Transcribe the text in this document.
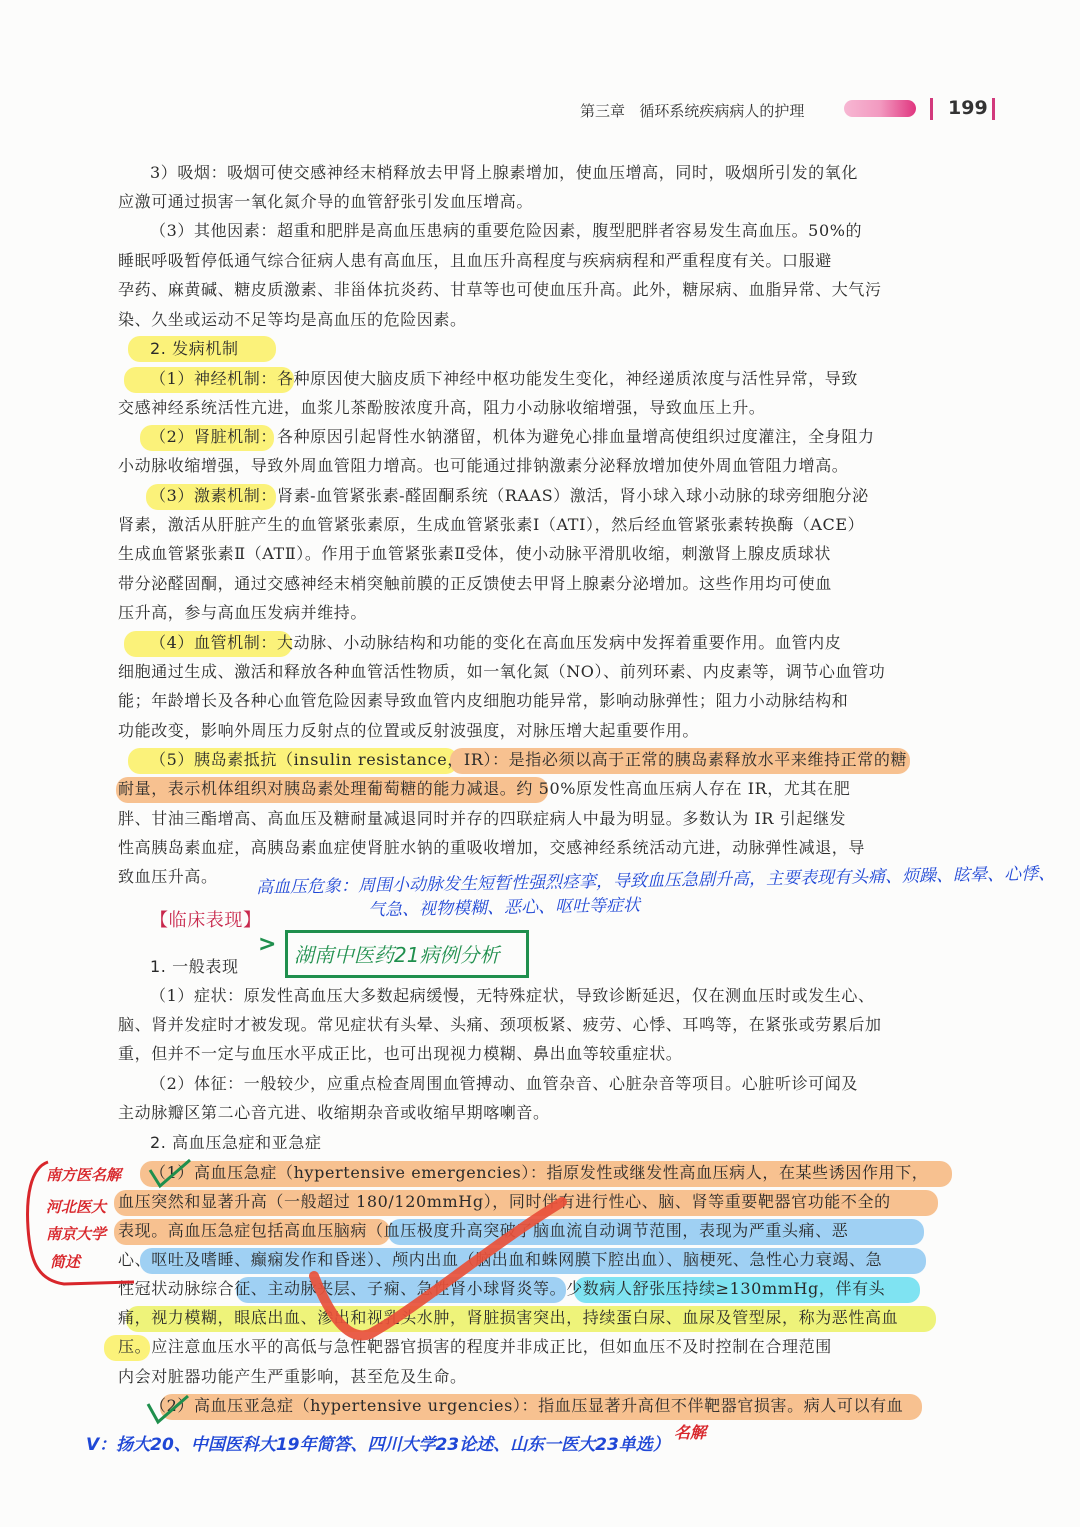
第三章 循环系统疾病病人的护理	199
3）吸烟：吸烟可使交感神经末梢释放去甲肾上腺素增加，使血压增高，同时，吸烟所引发的氧化
应激可通过损害一氧化氮介导的血管舒张引发血压增高。
（3）其他因素：超重和肥胖是高血压患病的重要危险因素，腹型肥胖者容易发生高血压。50%的
睡眠呼吸暂停低通气综合征病人患有高血压，且血压升高程度与疾病病程和严重程度有关。口服避
孕药、麻黄碱、糖皮质激素、非甾体抗炎药、甘草等也可使血压升高。此外，糖尿病、血脂异常、大气污
染、久坐或运动不足等均是高血压的危险因素。
2. 发病机制
（1）神经机制：各种原因使大脑皮质下神经中枢功能发生变化，神经递质浓度与活性异常，导致
交感神经系统活性亢进，血浆儿茶酚胺浓度升高，阻力小动脉收缩增强，导致血压上升。
（2）肾脏机制：各种原因引起肾性水钠潴留，机体为避免心排血量增高使组织过度灌注，全身阻力
小动脉收缩增强，导致外周血管阻力增高。也可能通过排钠激素分泌释放增加使外周血管阻力增高。
（3）激素机制：肾素-血管紧张素-醛固酮系统（RAAS）激活，肾小球入球小动脉的球旁细胞分泌
肾素，激活从肝脏产生的血管紧张素原，生成血管紧张素Ⅰ（ATⅠ），然后经血管紧张素转换酶（ACE）
生成血管紧张素Ⅱ（ATⅡ）。作用于血管紧张素Ⅱ受体，使小动脉平滑肌收缩，刺激肾上腺皮质球状
带分泌醛固酮，通过交感神经末梢突触前膜的正反馈使去甲肾上腺素分泌增加。这些作用均可使血
压升高，参与高血压发病并维持。
（4）血管机制：大动脉、小动脉结构和功能的变化在高血压发病中发挥着重要作用。血管内皮
细胞通过生成、激活和释放各种血管活性物质，如一氧化氮（NO）、前列环素、内皮素等，调节心血管功
能；年龄增长及各种心血管危险因素导致血管内皮细胞功能异常，影响动脉弹性；阻力小动脉结构和
功能改变，影响外周压力反射点的位置或反射波强度，对脉压增大起重要作用。
（5）胰岛素抵抗（insulin resistance，IR）：是指必须以高于正常的胰岛素释放水平来维持正常的糖
耐量，表示机体组织对胰岛素处理葡萄糖的能力减退。约 50%原发性高血压病人存在 IR，尤其在肥
胖、甘油三酯增高、高血压及糖耐量减退同时并存的四联症病人中最为明显。多数认为 IR 引起继发
性高胰岛素血症，高胰岛素血症使肾脏水钠的重吸收增加，交感神经系统活动亢进，动脉弹性减退，导
致血压升高。
【临床表现】
1. 一般表现
（1）症状：原发性高血压大多数起病缓慢，无特殊症状，导致诊断延迟，仅在测血压时或发生心、
脑、肾并发症时才被发现。常见症状有头晕、头痛、颈项板紧、疲劳、心悸、耳鸣等，在紧张或劳累后加
重，但并不一定与血压水平成正比，也可出现视力模糊、鼻出血等较重症状。
（2）体征：一般较少，应重点检查周围血管搏动、血管杂音、心脏杂音等项目。心脏听诊可闻及
主动脉瓣区第二心音亢进、收缩期杂音或收缩早期喀喇音。
2. 高血压急症和亚急症
（1）高血压急症（hypertensive emergencies）：指原发性或继发性高血压病人，在某些诱因作用下，
血压突然和显著升高（一般超过 180/120mmHg），同时伴有进行性心、脑、肾等重要靶器官功能不全的
表现。高血压急症包括高血压脑病（血压极度升高突破了脑血流自动调节范围，表现为严重头痛、恶
心、呕吐及嗜睡、癫痫发作和昏迷）、颅内出血（脑出血和蛛网膜下腔出血）、脑梗死、急性心力衰竭、急
性冠状动脉综合征、主动脉夹层、子痫、急性肾小球肾炎等。少数病人舒张压持续≥130mmHg，伴有头
痛，视力模糊，眼底出血、渗出和视乳头水肿，肾脏损害突出，持续蛋白尿、血尿及管型尿，称为恶性高血
压。应注意血压水平的高低与急性靶器官损害的程度并非成正比，但如血压不及时控制在合理范围
内会对脏器功能产生严重影响，甚至危及生命。
（2）高血压亚急症（hypertensive urgencies）：指血压显著升高但不伴靶器官损害。病人可以有血
高血压危象：周围小动脉发生短暂性强烈痉挛，导致血压急剧升高，主要表现有头痛、烦躁、眩晕、心悸、
气急、视物模糊、恶心、呕吐等症状
> 湖南中医药21病例分析
南方医名解
河北医大
南京大学
简述
V：扬大20、中国医科大19年简答、四川大学23论述、山东一医大23单选）
名解
